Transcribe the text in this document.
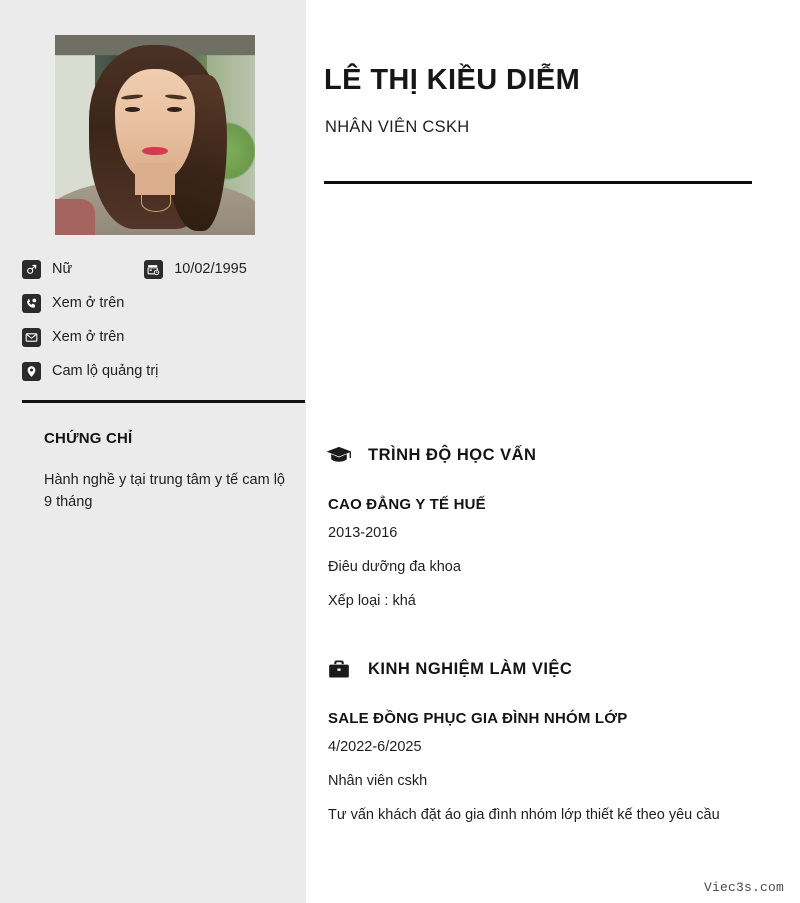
Nữ	10/02/1995
Xem ở trên
Xem ở trên
Cam lộ quảng trị
CHỨNG CHỈ

Hành nghề y tại trung tâm y tế cam lộ 9 tháng

LÊ THỊ KIỀU DIỄM
NHÂN VIÊN CSKH
TRÌNH ĐỘ HỌC VẤN
CAO ĐẲNG Y TẾ HUẾ

2013-2016

Điêu dưỡng đa khoa

Xếp loại : khá

KINH NGHIỆM LÀM VIỆC
SALE ĐỒNG PHỤC GIA ĐÌNH NHÓM LỚP

4/2022-6/2025

Nhân viên cskh

Tư vấn khách đặt áo gia đình nhóm lớp thiết kế theo yêu cầu

Viec3s.com
